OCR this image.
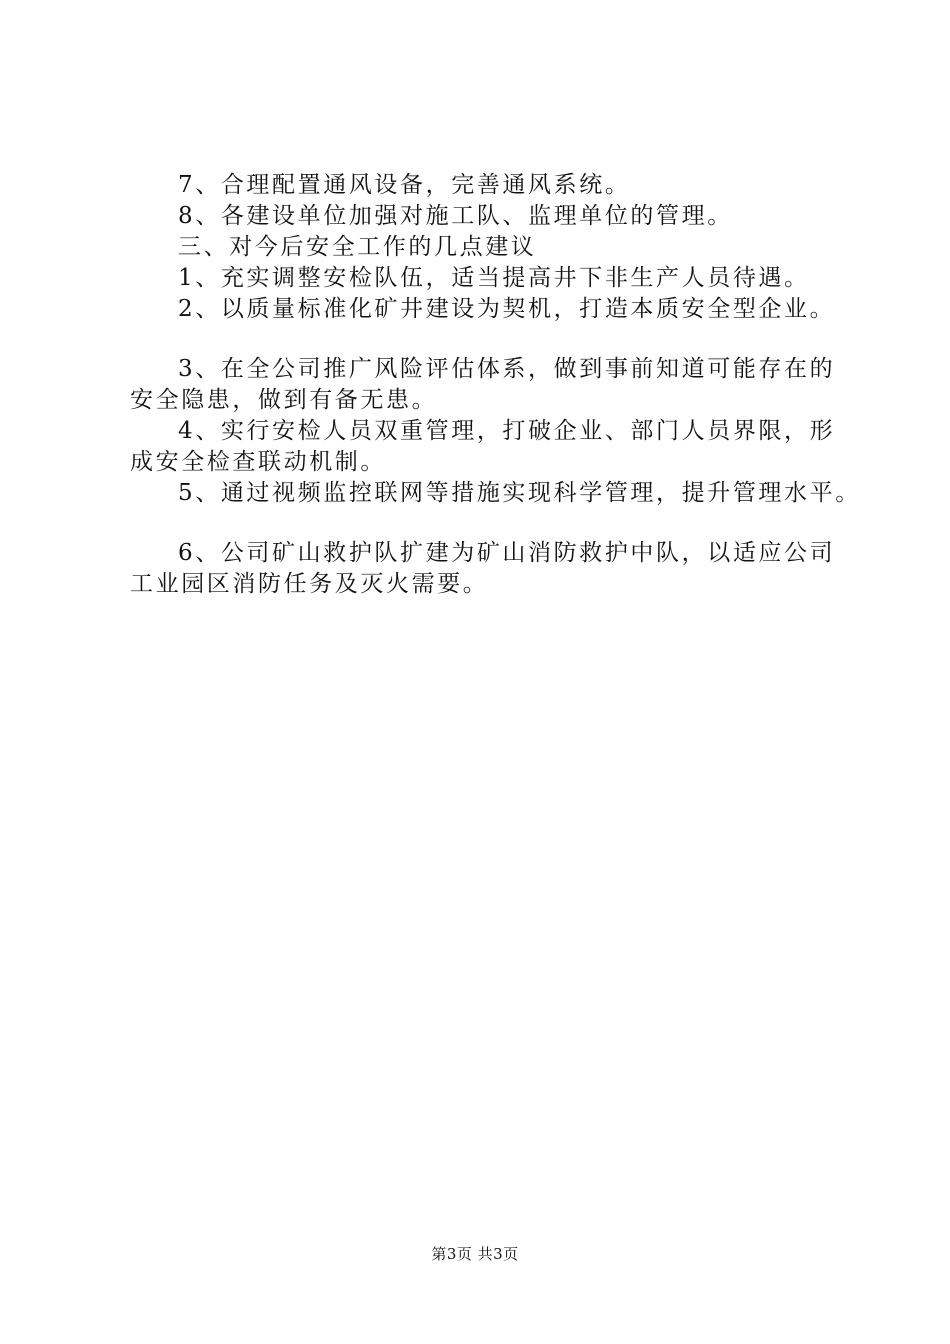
7、合理配置通风设备，完善通风系统。
8、各建设单位加强对施工队、监理单位的管理。
三、对今后安全工作的几点建议
1、充实调整安检队伍，适当提高井下非生产人员待遇。
2、以质量标准化矿井建设为契机，打造本质安全型企业。
3、在全公司推广风险评估体系，做到事前知道可能存在的
安全隐患，做到有备无患。
4、实行安检人员双重管理，打破企业、部门人员界限，形
成安全检查联动机制。
5、通过视频监控联网等措施实现科学管理，提升管理水平。
6、公司矿山救护队扩建为矿山消防救护中队，以适应公司
工业园区消防任务及灭火需要。
第3页 共3页
